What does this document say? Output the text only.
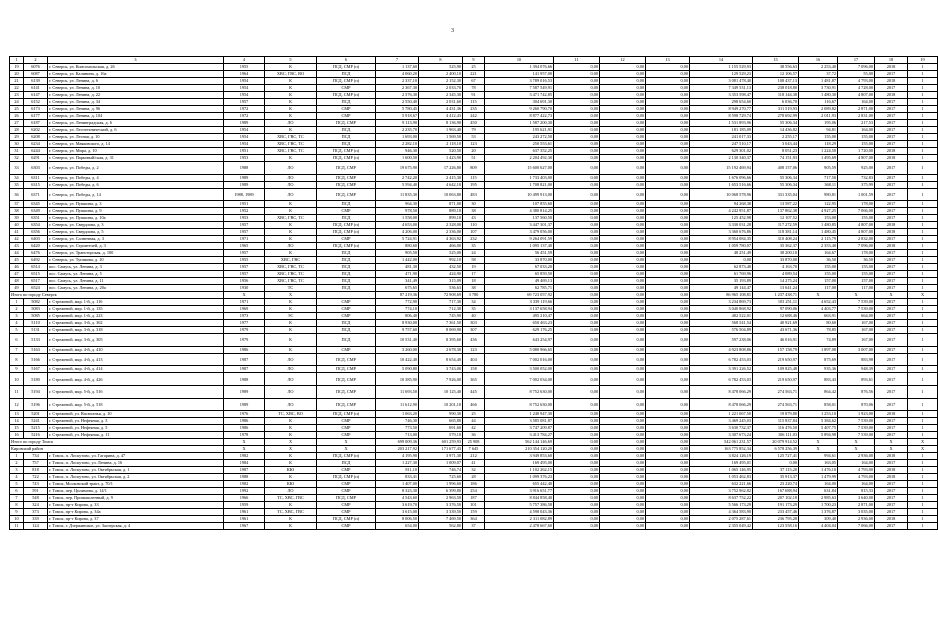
3
1	2	3	4	5	6	7	8	9	10	11	12	13	14	15	16	17	18	19
19	6076	г. Северск, ул. Комсомольская, д. 26	1955	К	ПСД, СМР (п)	1 137,60	525,90	25	1 394 076,66	0,00	0,00	0,00	1 155 529,93	38 556,63	2 253,40	7 096,00	2018	1
20	6087	г. Северск, ул. Калинина, д. 16а	1964	ХВС, ГВС, ВО	ПСД	4 060,20	2 400,10	221	141 957,00	0,00	0,00	0,00	129 529,23	12 106,57	37,72	55,00	2017	1
21	6139	г. Северск, ул. Ленина, д. 6	1954	К	ПСД, СМР (п)	2 337,10	2 152,30	67	3 789 016,53	0,00	0,00	0,00	3 081 478,40	108 437,13	1 481,87	4 793,00	2018	1
22	6141	г. Северск, ул. Ленина, д. 10	1954	К	СМР	2 367,30	2 033,70	78	7 587 549,91	0,00	0,00	0,00	7 349 531,13	238 018,80	3 730,91	4 728,00	2017	1
23	6147	г. Северск, ул. Ленина, д. 22	1954	К	ПСД, СМР (п)	2 576,30	2 345,30	91	3 471 742,85	0,00	0,00	0,00	3 353 598,47	118 144,38	1 480,30	4 807,00	2018	1
24	6152	г. Северск, ул. Ленина, д. 34	1957	К	ПСД	2 550,40	2 031,60	115	304 691,30	0,00	0,00	0,00	298 654,60	6 036,70	116,67	164,00	2017	1
25	6173	г. Северск, ул. Ленина, д. 96	1972	К	СМР	5 780,45	4 431,36	235	9 260 790,70	0,00	0,00	0,00	8 949 270,77	311 519,93	2 089,82	2 871,00	2017	1
26	6177	г. Северск, ул. Ленина, д. 104	1972	К	СМР	5 918,67	4 412,43	242	8 877 422,73	0,00	0,00	0,00	8 598 729,74	278 692,99	2 011,93	2 831,00	2017	1
27	6187	г. Северск, ул. Ленинградская, д. 6	1989	ЛО	ПСД, СМР	9 113,90	8 136,90	450	1 587 200,30	0,00	0,00	0,00	1 531 893,96	55 306,34	195,06	217,53	2017	1
28	6202	г. Северск, ул. Лесотехнический, д. 6	1954	К	ПСД	2 235,70	1 963,40	79	195 621,91	0,00	0,00	0,00	181 185,09	14 436,82	94,81	164,00	2017	1
29	6208	г. Северск, ул. Лесная, д. 10	1954	ХВС, ГВС, ТС	ПСД	1 693,00	1 569,50	53	243 272,50	0,00	0,00	0,00	241 017,33	2 255,17	155,00	155,00	2017	1
30	6234	г. Северск, ул. Маяковского, д. 14	1954	ХВС, ГВС, ТС	ПСД	2 282,10	2 118,10	123	250 553,61	0,00	0,00	0,00	247 510,17	3 043,44	118,29	155,00	2017	1
31	6244	г. Северск, ул. Мира, д. 10	1951	ХВС, ГВС, ТС	ПСД, СМР (п)	946,30	520,50	20	637 352,25	0,00	0,00	0,00	629 301,02	8 051,23	1 224,50	1 720,00	2018	1
32	6291	г. Северск, ул. Парковый/ская, д. 31	1953	К	ПСД, СМР (п)	1 600,50	1 423,90	51	2 204 492,30	0,00	0,00	0,00	2 130 340,37	74 151,93	1 495,69	4 807,00	2018	1
33	6303	г. Северск, ул. Победы, д. 2	1988	ЛО	ПСД, СМР	19 675,90	17 226,80	809	15 600 627,00	0,00	0,00	0,00	15 192 469,94	408 157,06	905,59	925,00	2017	1
34	6311	г. Северск, ул. Победы, д. 4	1989	ЛО	ПСД, СМР	2 742,20	2 415,30	115	1 733 403,00	0,00	0,00	0,00	1 676 096,66	55 306,34	717,50	732,83	2017	1
35	6315	г. Северск, ул. Победы, д. 6	1989	ЛО	ПСД, СМР	5 594,40	4 642,10	195	1 708 821,00	0,00	0,00	0,00	1 653 516,66	55 306,34	368,11	375,99	2017	1
36	6371	г. Северск, ул. Победы, д. 14	1988, 1989	ЛО	ПСД, СМР	11 835,30	10 063,80	483	10 499 913,00	0,00	0,00	0,00	10 068 578,96	331 335,04	980,81	1 001,59	2017	1
37	6345	г. Северск, ул. Пушкина, д. 3	1951	К	ПСД	964,30	871,00	30	107 855,60	0,00	0,00	0,00	94 268,38	13 587,22	122,95	178,00	2017	1
38	6349	г. Северск, ул. Пушкина, д. 9	1952	К	СМР	978,50	889,10	38	4 380 814,25	0,00	0,00	0,00	4 242 951,87	137 862,38	4 927,25	7 066,00	2017	1
39	6351	г. Северск, ул. Пушкина, д. 10а	1953	ХВС, ГВС, ТС	ПСД	1 558,00	899,10	43	137 560,50	0,00	0,00	0,00	125 452,98	12 107,52	153,00	155,00	2017	1
40	6354	г. Северск, ул. Свердлова, д. 3	1957	К	ПСД, СМР (п)	4 653,00	2 328,00	110	3 447 301,37	0,00	0,00	0,00	3 330 031,28	117 272,59	1 480,85	4 807,00	2018	1
41	6356	г. Северск, ул. Свердлова, д. 5	1957	К	ПСД, СМР (п)	4 206,00	2 336,00	107	3 479 056,00	0,00	0,00	0,00	3 360 676,86	118 381,14	1 480,45	4 807,00	2018	1
42	6403	г. Северск, ул. Солнечная, д. 3	1971	К	СМР	5 724,91	4 363,92	232	9 264 091,59	0,00	0,00	0,00	8 954 084,35	310 408,24	2 115,79	2 832,00	2017	1
43	6420	г. Северск, ул. Строителей, д. 3	1965	ЛО	ПСД, СМР (п)	880,60	466,00	35	1 095 137,40	0,00	0,00	0,00	1 059 780,07	35 362,37	2 353,40	7 096,00	2018	1
44	6476	г. Северск, ул. Трансторская, д. 100	1957	К	ПСД	905,50	525,00	24	56 451,59	0,00	0,00	0,00	48 251,49	38 200,10	164,67	178,00	2017	1
45	6492	г. Северск, ул. Тупикова, д. 10	1955	ХВС, ГВС	ПСД	1 442,00	992,10	58	33 870,00	0,00	0,00	0,00	0,00	33 870,00	36,50	36,50	2017	1
46	6514	пос. Самусь, ул. Ленина, д. 3	1957	ХВС, ГВС, ТС	ПСД	481,30	432,50	19	67 033,20	0,00	0,00	0,00	62 873,40	4 163,70	155,00	155,00	2017	1
47	6515	пос. Самусь, ул. Ленина, д. 5	1957	ХВС, ГВС, ТС	ПСД	471,90	424,90	17	65 859,50	0,00	0,00	0,00	61 769,96	4 089,54	155,00	155,00	2017	1
48	6517	пос. Самусь, ул. Ленина, д. 11	1956	ХВС, ГВС, ТС	ПСД	341,49	315,09	18	49 469,13	0,00	0,00	0,00	35 193,89	14 275,24	157,00	157,00	2017	1
49	6524	пос. Самусь, ул. Ленина, д. 20а	1930	ТС	ПСД	675,65	536,63	38	62 785,71	0,00	0,00	0,00	49 144,47	13 641,24	117,00	117,00	2017	1
Итого по городу Северск			Х	Х		87 219,36	72 908,69	3 780	69 723 057,92	0,00	0,00	0,00	86 965 108,81	1 237 438,71	Х	Х	Х	Х
1	5082	г. Стрежевой, мкр. 1-й, д. 116	1971	К	СМР	772,90	717,30	34	3 339 119,66	0,00	0,00	0,00	3 234 869,73	103 251,11	4 652,43	7 539,00	2017	1
2	5083	г. Стрежевой, мкр. 1-й, д. 135	1969	К	СМР	774,10	712,30	35	3 137 658,94	0,00	0,00	0,00	3 040 868,92	97 090,06	4 403,77	7 539,00	2017	1
3	5085	г. Стрежевой, мкр. 1-й, д. 223	1973	ЭС	СМР	806,40	745,90	40	495 210,47	0,00	0,00	0,00	482 522,01	12 688,46	663,91	664,00	2017	1
4	5110	г. Стрежевой, мкр. 3-й, д. 302	1977	К	ПСД	8 930,00	7 361,50	303	650 463,23	0,00	0,00	0,00	568 541,54	40 921,69	80,60	167,00	2017	1
5	5131	г. Стрежевой, мкр. 3-й, д. 318	1979	К	ПСД	9 757,60	8 069,90	307	629 176,25	0,00	0,00	0,00	576 504,89	43 671,36	78,85	167,00	2017	1
6	5133	г. Стрежевой, мкр. 3-й, д. 305	1979	К	ПСД	10 531,40	8 395,60	436	643 254,97	0,00	0,00	0,00	597 238,06	46 016,91	74,89	167,00	2017	1
7	5163	г. Стрежевой, мкр. 4-й, д. 410	1986	К	СМР	3 260,00	2 678,30	123	5 080 966,65	0,00	0,00	0,00	4 923 808,86	157 158,79	1 897,08	3 007,00	2017	1
8	5166	г. Стрежевой, мкр. 4-й, д. 413	1987	ЛО	ПСД, СМР	10 422,40	8 654,40	404	7 002 016,00	0,00	0,00	0,00	6 782 453,03	219 650,97	875,69	883,98	2017	1
9	5167	г. Стрежевой, мкр. 4-й, д. 414	1987	ЛО	ПСД, СМР	5 090,80	3 743,00	158	3 500 052,00	0,00	0,00	0,00	3 391 226,52	109 825,48	935,36	948,39	2017	1
10	5180	г. Стрежевой, мкр. 4-й, д. 426	1988	ЛО	ПСД, СМР	10 385,90	7 926,00	365	7 002 034,00	0,00	0,00	0,00	6 782 453,03	219 650,97	883,43	893,61	2017	1
11	5194	г. Стрежевой, мкр. 5-й, д. 516	1989	ЛО	ПСД, СМР	11 693,50	10 125,40	445	8 752 630,00	0,00	0,00	0,00	8 478 066,29	274 563,71	864,42	876,56	2017	1
12	5196	г. Стрежевой, мкр. 5-й, д. 518	1989	ЛО	ПСД, СМР	11 612,90	10 201,10	466	8 752 630,00	0,00	0,00	0,00	8 478 066,29	274 563,71	858,01	870,06	2017	1
13	5201	г. Стрежевой, ул. Васюганья, д. 10	1976	ТС, ХВС, ВО	ПСД, СМР (п)	1 063,20	990,30	25	1 240 947,30	0,00	0,00	0,00	1 221 067,50	19 879,80	1 253,10	1 923,00	2018	1
14	5241	г. Стрежевой, ул. Нефтяная, д. 3	1986	К	СМР	746,30	665,80	44	3 585 081,87	0,00	0,00	0,00	3 469 245,03	115 837,84	5 384,62	7 539,00	2017	1
15	5215	г. Стрежевой, ул. Нефтяная, д. 5	1986	К	СМР	773,50	691,60	42	3 747 209,87	0,00	0,00	0,00	3 630 732,37	116 476,50	5 407,75	7 539,00	2017	1
16	5216	г. Стрежевой, ул. Нефтяная, д. 11	1978	К	СМР	713,00	579,10	36	3 413 784,27	0,00	0,00	0,00	3 307 673,24	106 111,03	5 894,98	7 539,00	2017	1
Итого по городу Томск			Х	Х	Х	699 009,36	601 259,93	25 908	562 144 146,69	0,00	0,00	0,00	542 061 231,57	20 079 914,52	Х	Х	Х	Х
Кировский район			Х	Х	Х	203 217,92	171 677,43	7 645	210 354 120,20	0,00	0,00	0,00	163 775 852,34	6 578 256,39	Х	Х	Х	Х
1	734	г. Томск, п. Лоскутово, ул. Гагарина, д. 47	1982	К	ПСД, СМР (п)	4 195,90	3 971,30	212	3 949 853,60	0,00	0,00	0,00	3 824 126,19	125 727,41	994,61	2 936,00	2018	1
2	757	г. Томск, п. Лоскутово, ул. Ленина, д. 16	1984	К	ПСД	1 227,30	1 009,07	41	169 495,00	0,00	0,00	0,00	169 495,01	0,00	163,05	164,00	2017	1
3	818	г. Томск, п. Лоскутово, ул. Октябрьская, д. 1	1987	КЮ	СМР	811,10	746,74	32	1 102 262,15	0,00	0,00	0,00	1 065 146,95	37 115,20	1 476,10	4 793,00	2018	1
4	722	г. Томск, п. Лоскутово, ул. Октябрьская, д. 2	1988	К	ПСД, СМР (п)	833,41	725,60	28	1 099 376,23	0,00	0,00	0,00	1 053 462,83	35 913,37	1 479,99	4 793,00	2018	1
5	743	г. Томск, Московский тракт, д. 70/1	1982	КЮ	СМР	1 407,00	1 996,60	186	655 442,40	0,00	0,00	0,00	632 221,66	23 220,74	164,00	164,00	2017	1
6	591	г. Томск, пер. Цилимова, д. 14/1	1992	ЛО	СМР	8 323,30	6 399,80	254	3 916 651,77	0,00	0,00	0,00	3 752 962,82	167 688,94	631,84	815,33	2017	1
7	548	г. Томск, пер. Промышленный, д. 9	1966	ТС, ХВС, ГВС	ПСД, СМР	4 543,60	2 963,50	187	8 844 858,40	0,00	0,00	0,00	8 637 752,22	207 102,18	2 985,63	3 640,00	2017	1
8	324	г. Томск, пр-т Кирова, д. 33	1959	К	СМР	3 619,70	3 376,50	101	5 757 386,58	0,00	0,00	0,00	5 566 173,29	191 173,29	1 700,23	2 871,00	2017	1
9	373	г. Томск, пр-т Кирова, д. 34а	1961	ТС, ХВС, ГВС	СМР	3 615,00	3 339,50	159	4 598 043,36	0,00	0,00	0,00	4 364 583,90	233 457,46	1 376,87	3 035,00	2017	1
10	339	г. Томск, пр-т Кирова, д. 37	1961	К	ПСД, СМР (п)	8 006,50	7 469,50	364	2 311 082,89	0,00	0,00	0,00	2 075 287,61	236 795,28	309,40	2 936,00	2018	1
11	124	г. Томск, г. Дзержинское, ул. Заозерская, д. 4	1967	К	СМР	654,00	562,80	37	2 478 667,60	0,00	0,00	0,00	2 355 049,42	123 558,16	4 404,04	7 066,00	2017	1
